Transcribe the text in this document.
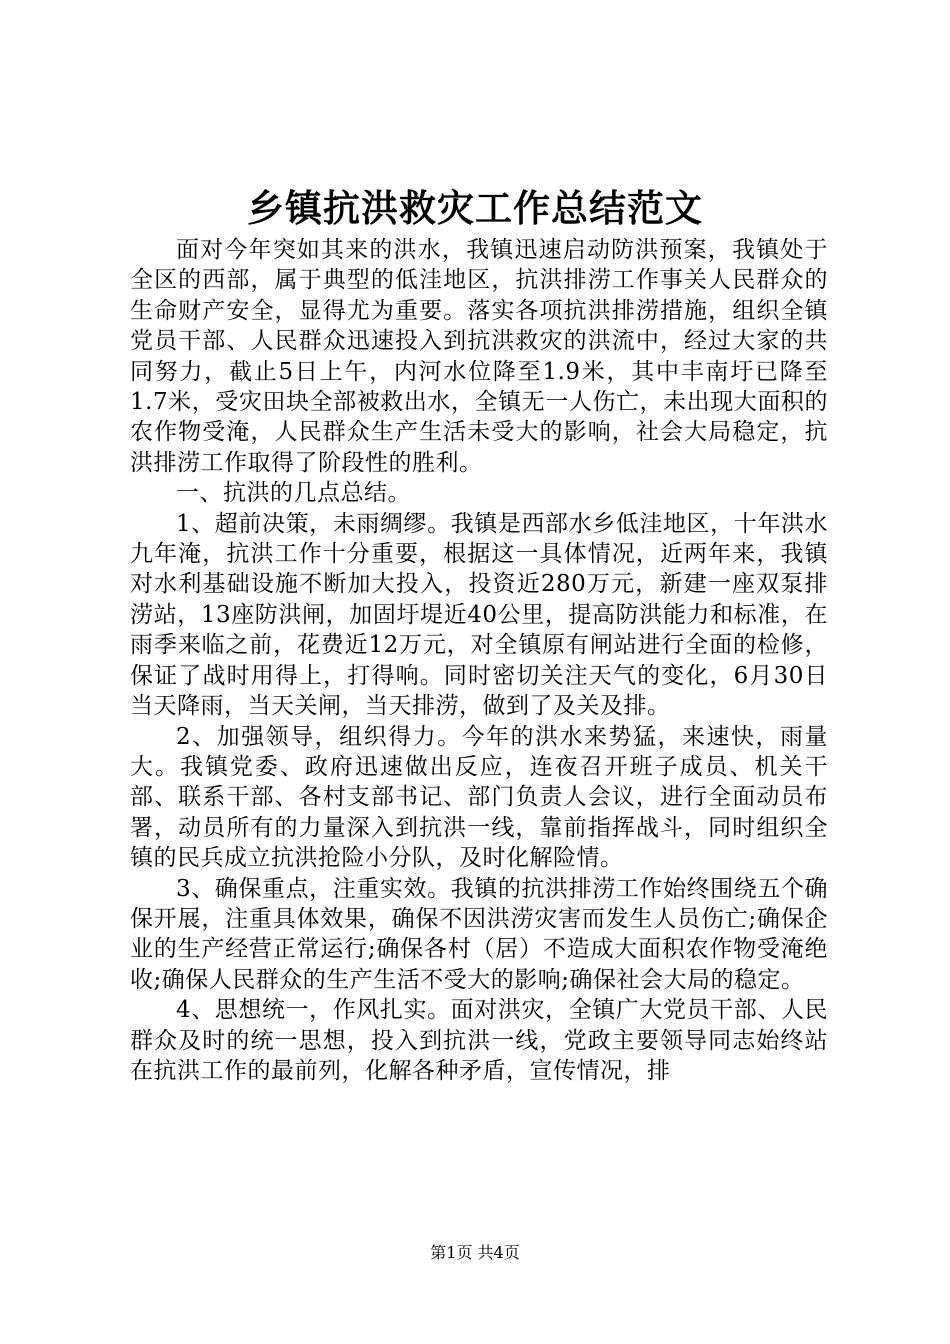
乡镇抗洪救灾工作总结范文

面对今年突如其来的洪水，我镇迅速启动防洪预案，我镇处于全区的西部，属于典型的低洼地区，抗洪排涝工作事关人民群众的生命财产安全，显得尤为重要。落实各项抗洪排涝措施，组织全镇党员干部、人民群众迅速投入到抗洪救灾的洪流中，经过大家的共同努力，截止5日上午，内河水位降至1.9米，其中丰南圩已降至1.7米，受灾田块全部被救出水，全镇无一人伤亡，未出现大面积的农作物受淹，人民群众生产生活未受大的影响，社会大局稳定，抗洪排涝工作取得了阶段性的胜利。

一、抗洪的几点总结。

1、超前决策，未雨绸缪。我镇是西部水乡低洼地区，十年洪水九年淹，抗洪工作十分重要，根据这一具体情况，近两年来，我镇对水利基础设施不断加大投入，投资近280万元，新建一座双泵排涝站，13座防洪闸，加固圩堤近40公里，提高防洪能力和标准，在雨季来临之前，花费近12万元，对全镇原有闸站进行全面的检修，保证了战时用得上，打得响。同时密切关注天气的变化，6月30日当天降雨，当天关闸，当天排涝，做到了及关及排。

2、加强领导，组织得力。今年的洪水来势猛，来速快，雨量大。我镇党委、政府迅速做出反应，连夜召开班子成员、机关干部、联系干部、各村支部书记、部门负责人会议，进行全面动员布署，动员所有的力量深入到抗洪一线，靠前指挥战斗，同时组织全镇的民兵成立抗洪抢险小分队，及时化解险情。

3、确保重点，注重实效。我镇的抗洪排涝工作始终围绕五个确保开展，注重具体效果，确保不因洪涝灾害而发生人员伤亡;确保企业的生产经营正常运行;确保各村（居）不造成大面积农作物受淹绝收;确保人民群众的生产生活不受大的影响;确保社会大局的稳定。

4、思想统一，作风扎实。面对洪灾，全镇广大党员干部、人民群众及时的统一思想，投入到抗洪一线，党政主要领导同志始终站在抗洪工作的最前列，化解各种矛盾，宣传情况，排

第1页 共4页
